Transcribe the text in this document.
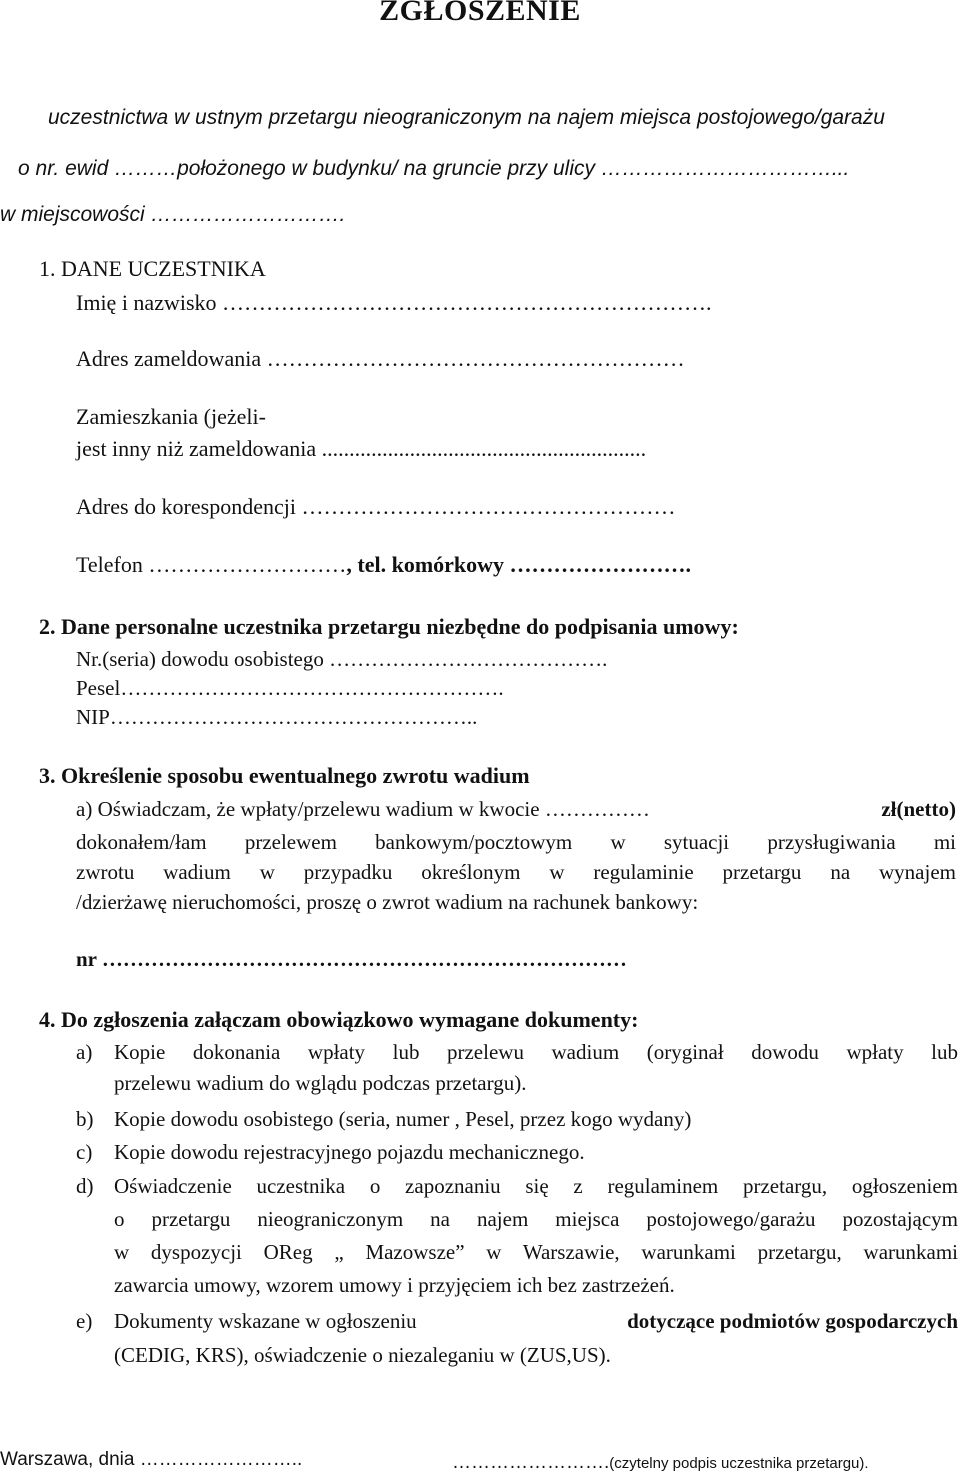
ZGŁOSZENIE
uczestnictwa w ustnym przetargu nieograniczonym na najem miejsca postojowego/garażu
o nr. ewid ………położonego w budynku/ na gruncie przy ulicy ……………………………...
w miejscowości ……………………….
1. DANE UCZESTNIKA
Imię i nazwisko ………………………………………………………….
Adres zameldowania …………………………………………………
Zamieszkania (jeżeli-
jest inny niż zameldowania ...........................................................
Adres do korespondencji ……………………………………………
Telefon ………………………, tel. komórkowy …………………….
2. Dane personalne uczestnika przetargu niezbędne do podpisania umowy:
Nr.(seria) dowodu osobistego ………………………………….
Pesel……………………………………………….
NIP……………………………………………..
3. Określenie sposobu ewentualnego zwrotu wadium
a) Oświadczam, że wpłaty/przelewu wadium w kwocie ……………	zł(netto)
dokonałem/łam przelewem bankowym/pocztowym w sytuacji przysługiwania mi
zwrotu wadium w przypadku określonym w regulaminie przetargu na wynajem
/dzierżawę nieruchomości, proszę o zwrot wadium na rachunek bankowy:
nr …………………………………………………………………
4. Do zgłoszenia załączam obowiązkowo wymagane dokumenty:
a) Kopie dokonania wpłaty lub przelewu wadium (oryginał dowodu wpłaty lub
przelewu wadium do wglądu podczas przetargu).
b) Kopie dowodu osobistego (seria, numer , Pesel, przez kogo wydany)
c) Kopie dowodu rejestracyjnego pojazdu mechanicznego.
d) Oświadczenie uczestnika o zapoznaniu się z regulaminem przetargu, ogłoszeniem
o przetargu nieograniczonym na najem miejsca postojowego/garażu pozostającym
w dyspozycji OReg „ Mazowsze” w Warszawie, warunkami przetargu, warunkami
zawarcia umowy, wzorem umowy i przyjęciem ich bez zastrzeżeń.
e) Dokumenty wskazane w ogłoszeniu	dotyczące podmiotów gospodarczych
(CEDIG, KRS), oświadczenie o niezaleganiu w (ZUS,US).
Warszawa, dnia ……………………..	…………………….(czytelny podpis uczestnika przetargu).
